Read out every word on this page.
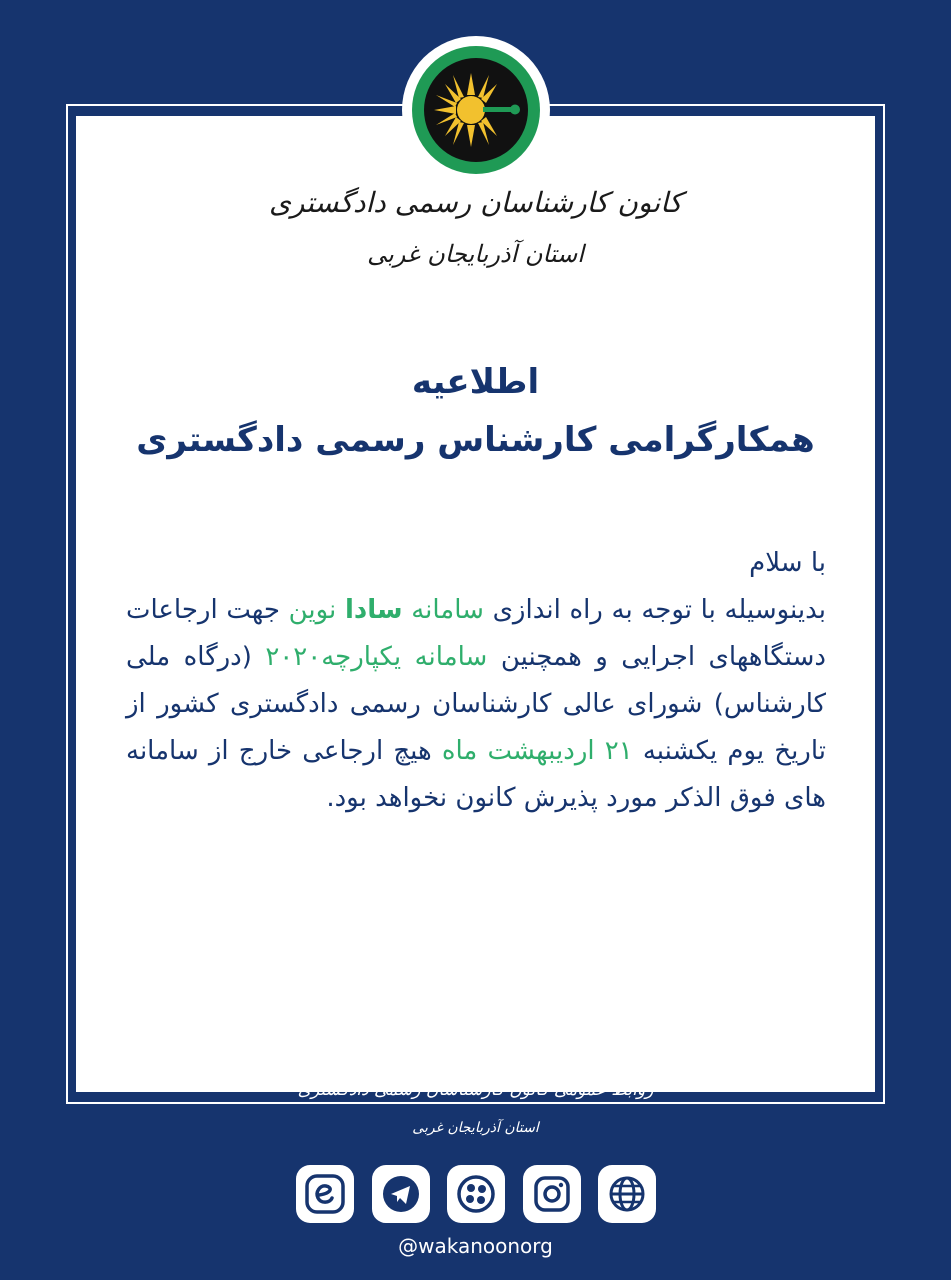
کانون کارشناسان رسمی دادگستری
استان آذربایجان غربی
اطلاعیه
همکارگرامی کارشناس رسمی دادگستری

با سلام

بدینوسیله با توجه به راه اندازی سامانه سادا نوین جهت ارجاعات دستگاههای اجرایی و همچنین سامانه یکپارچه۲۰۲۰ (درگاه ملی کارشناس) شورای عالی کارشناسان رسمی دادگستری کشور از تاریخ یوم یکشنبه ۲۱ اردیبهشت ماه هیچ ارجاعی خارج از سامانه های فوق الذکر مورد پذیرش کانون نخواهد بود.

روابط عمومی کانون کارشناسان رسمی دادگستری
استان آذربایجان غربی
@wakanoonorg
